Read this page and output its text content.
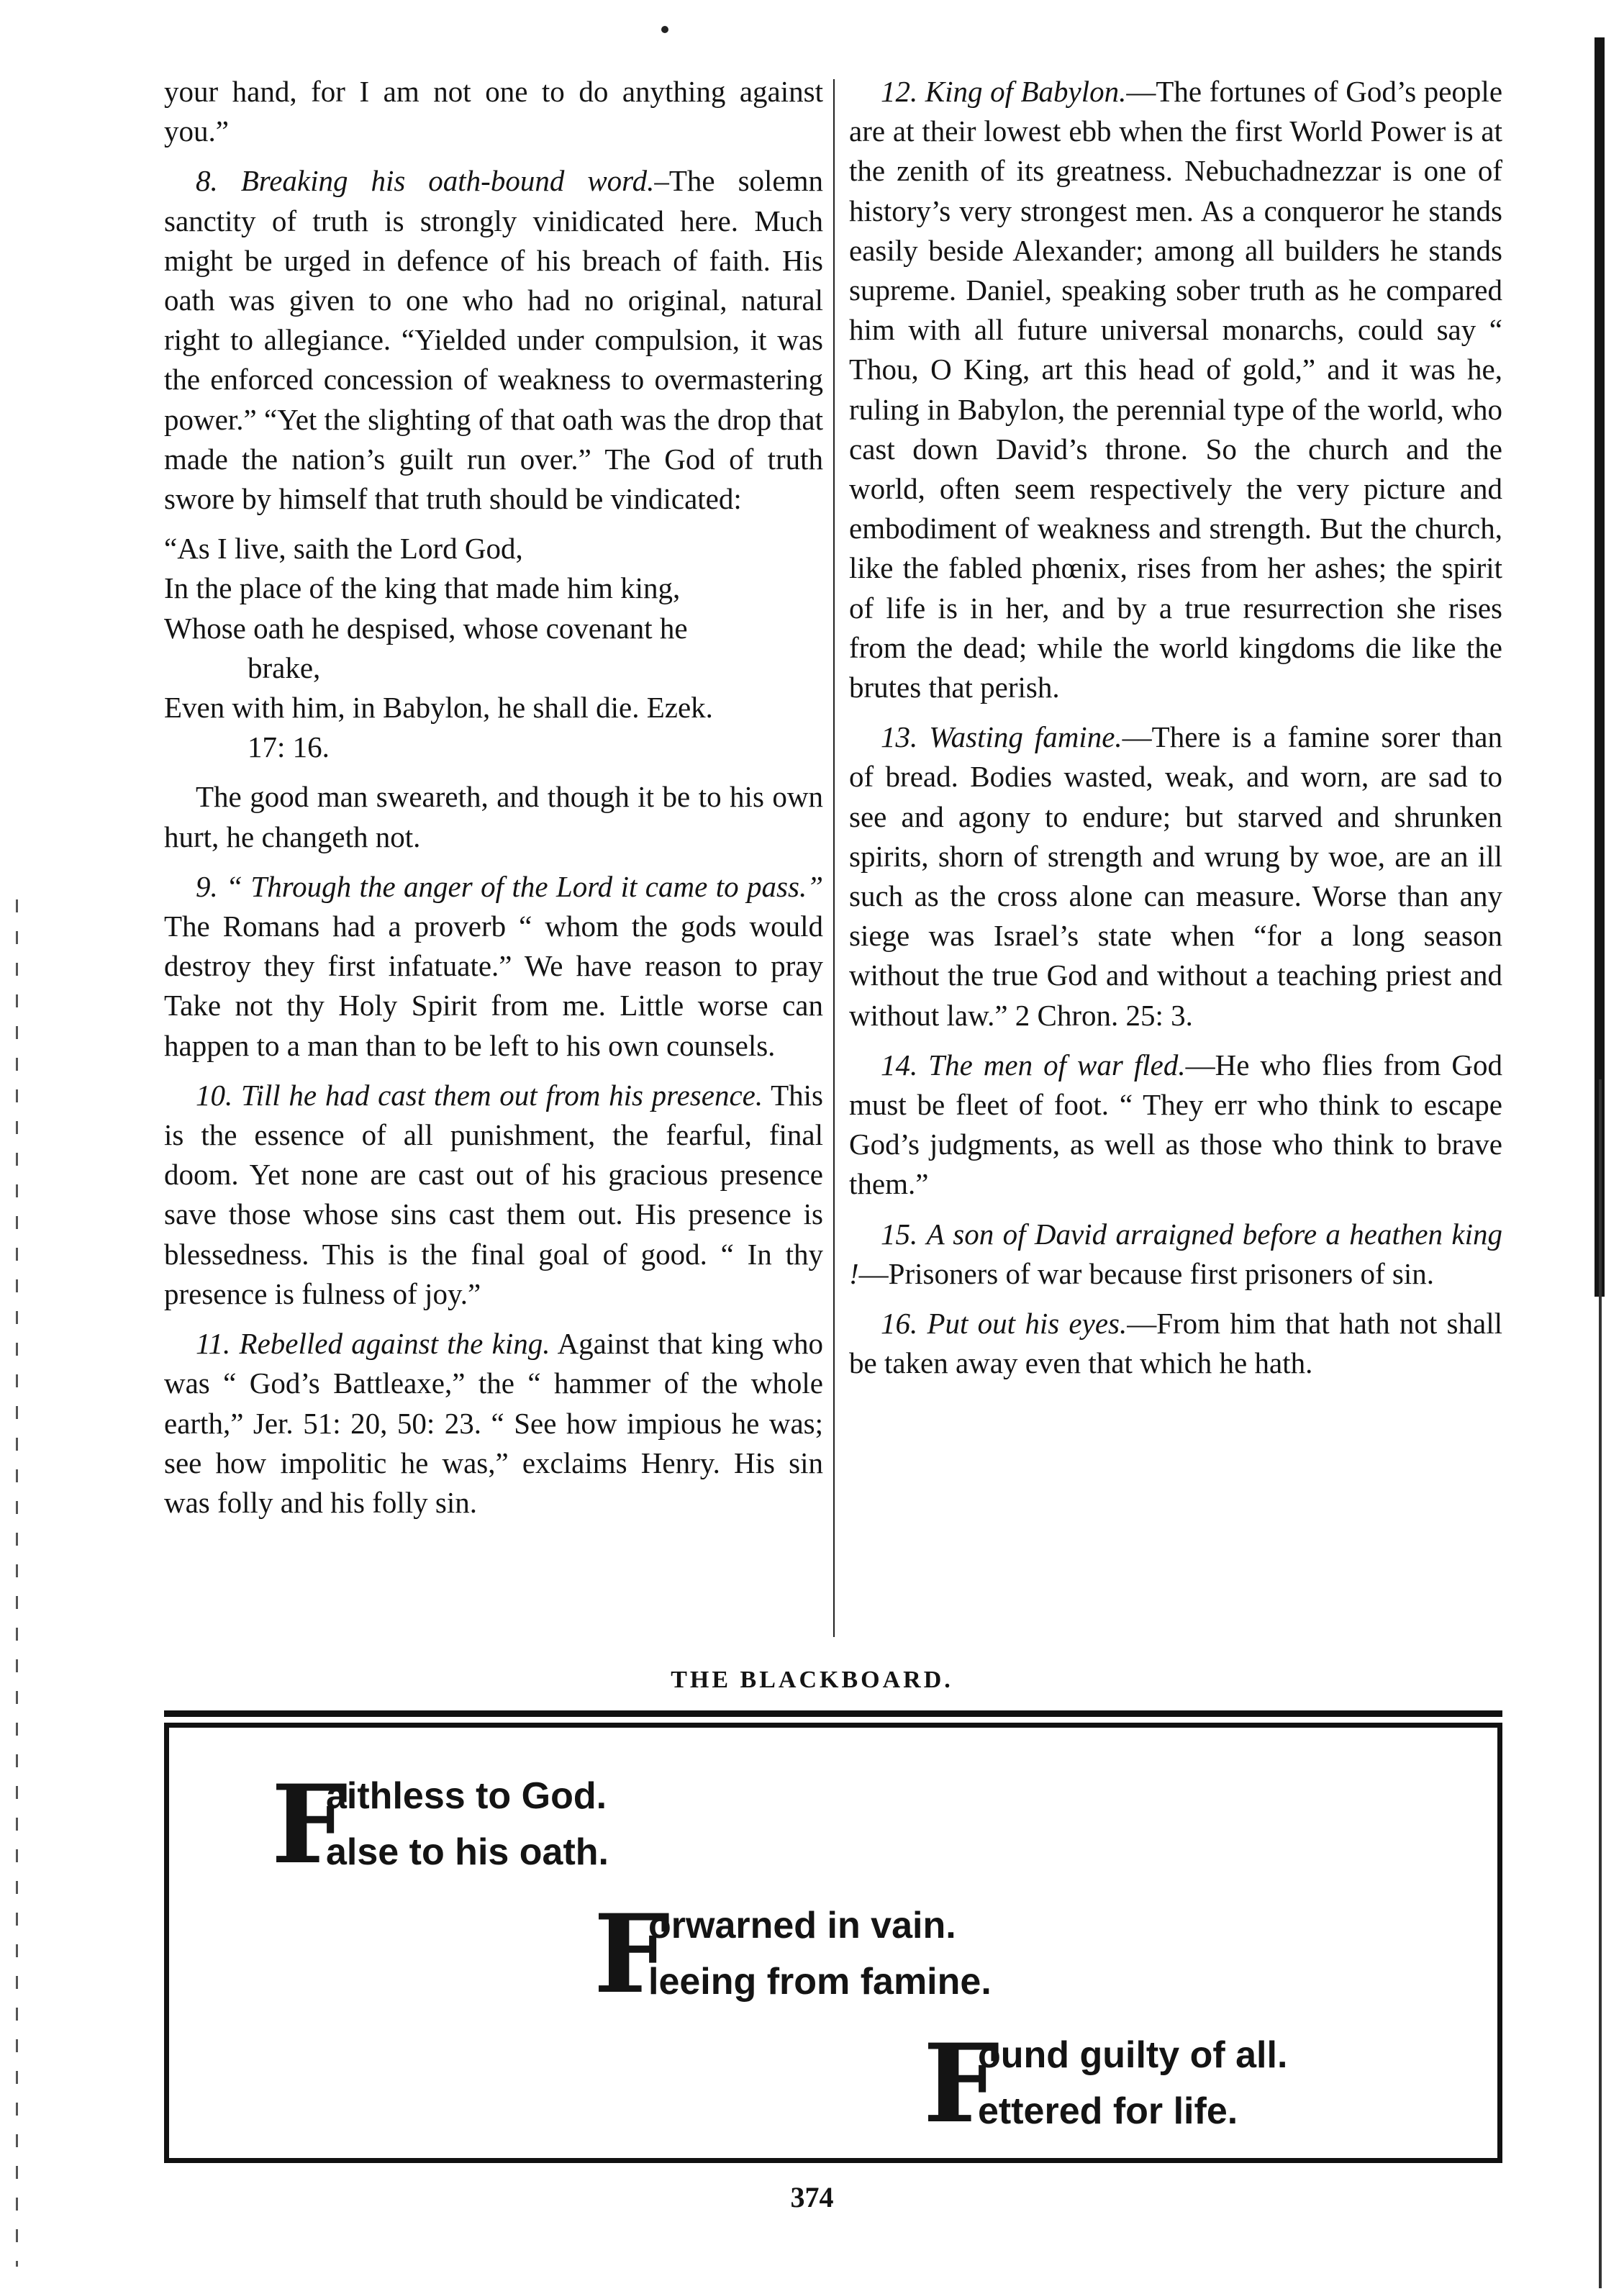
your hand, for I am not one to do anything against you.”

8. Breaking his oath-bound word.–The solemn sanctity of truth is strongly vinidicated here. Much might be urged in defence of his breach of faith. His oath was given to one who had no original, natural right to allegiance. “Yielded under compulsion, it was the enforced concession of weakness to overmastering power.” “Yet the slighting of that oath was the drop that made the nation’s guilt run over.” The God of truth swore by himself that truth should be vindicated:

“As I live, saith the Lord God,
In the place of the king that made him king,
Whose oath he despised, whose covenant he
brake,
Even with him, in Babylon, he shall die. Ezek.
17: 16.

The good man sweareth, and though it be to his own hurt, he changeth not.

9. “ Through the anger of the Lord it came to pass.” The Romans had a proverb “ whom the gods would destroy they first infatuate.” We have reason to pray Take not thy Holy Spirit from me. Little worse can happen to a man than to be left to his own counsels.

10. Till he had cast them out from his presence. This is the essence of all punishment, the fearful, final doom. Yet none are cast out of his gracious presence save those whose sins cast them out. His presence is blessedness. This is the final goal of good. “ In thy presence is fulness of joy.”

11. Rebelled against the king. Against that king who was “ God’s Battleaxe,” the “ hammer of the whole earth,” Jer. 51: 20, 50: 23. “ See how impious he was; see how impolitic he was,” exclaims Henry. His sin was folly and his folly sin.

12. King of Babylon.—The fortunes of God’s people are at their lowest ebb when the first World Power is at the zenith of its greatness. Nebuchadnezzar is one of history’s very strongest men. As a conqueror he stands easily beside Alexander; among all builders he stands supreme. Daniel, speaking sober truth as he compared him with all future universal monarchs, could say “ Thou, O King, art this head of gold,” and it was he, ruling in Babylon, the perennial type of the world, who cast down David’s throne. So the church and the world, often seem respectively the very picture and embodiment of weakness and strength. But the church, like the fabled phœnix, rises from her ashes; the spirit of life is in her, and by a true resurrection she rises from the dead; while the world kingdoms die like the brutes that perish.

13. Wasting famine.—There is a famine sorer than of bread. Bodies wasted, weak, and worn, are sad to see and agony to endure; but starved and shrunken spirits, shorn of strength and wrung by woe, are an ill such as the cross alone can measure. Worse than any siege was Israel’s state when “for a long season without the true God and without a teaching priest and without law.” 2 Chron. 25: 3.

14. The men of war fled.—He who flies from God must be fleet of foot. “ They err who think to escape God’s judgments, as well as those who think to brave them.”

15. A son of David arraigned before a heathen king !—Prisoners of war because first prisoners of sin.

16. Put out his eyes.—From him that hath not shall be taken away even that which he hath.

THE BLACKBOARD.
F
aithless to God.
alse to his oath.
F
orwarned in vain.
leeing from famine.
F
ound guilty of all.
ettered for life.
374
